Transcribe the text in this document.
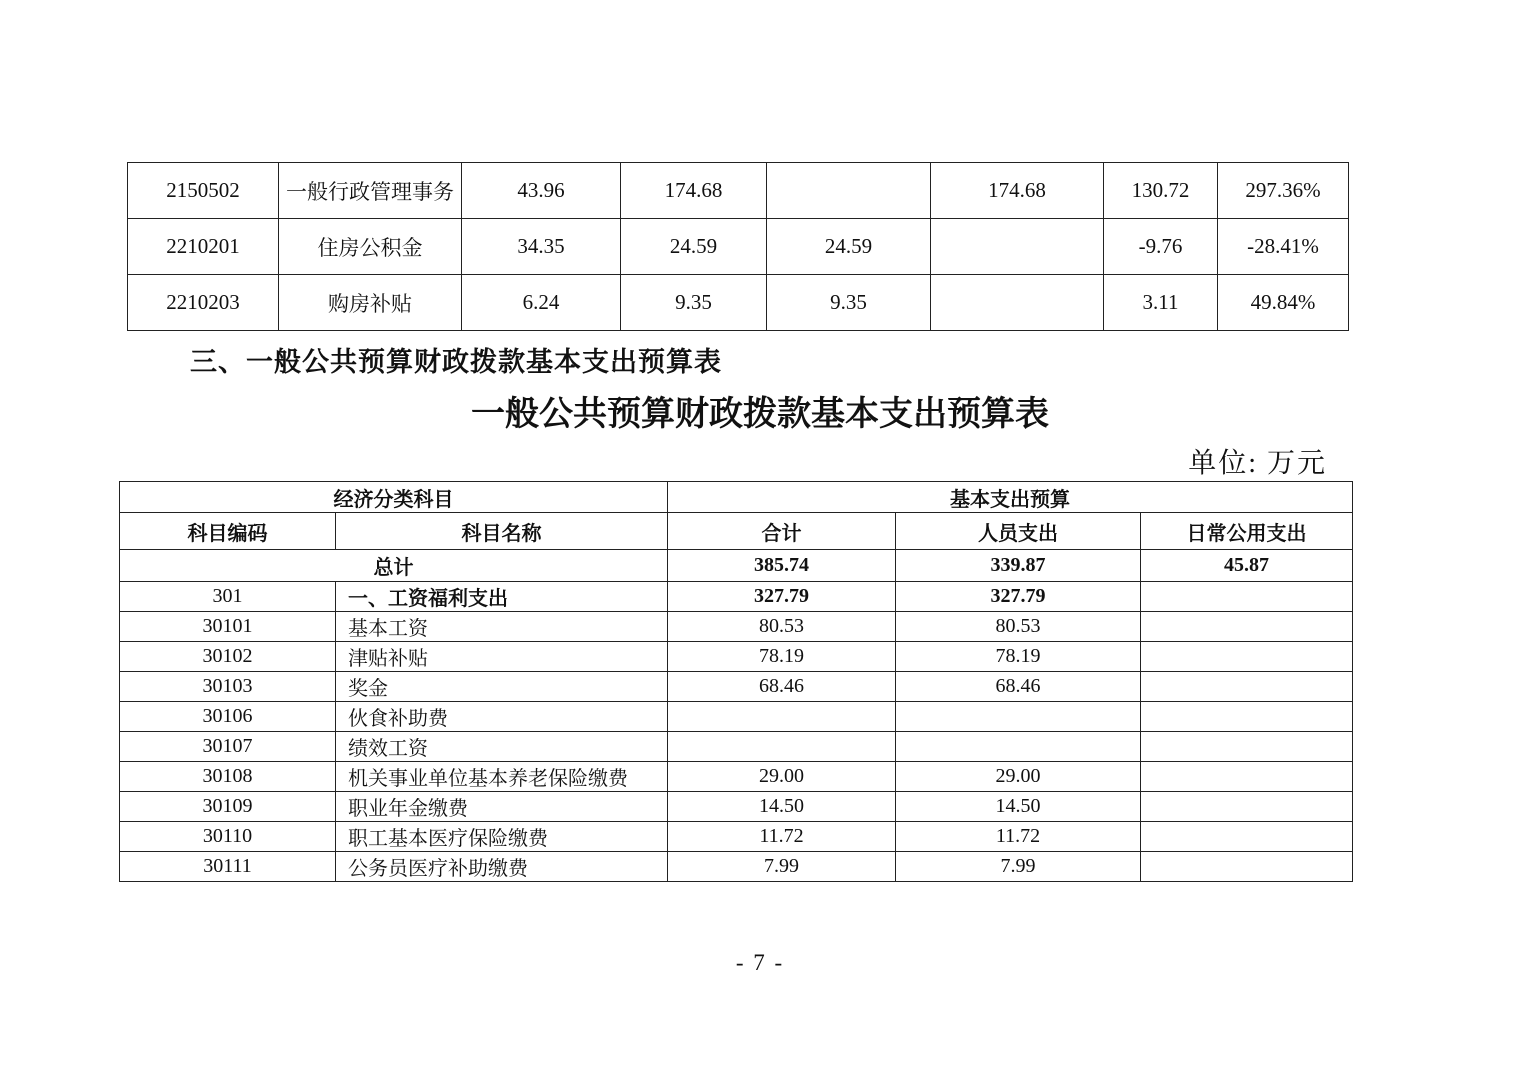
2150502	一般行政管理事务	43.96	174.68		174.68	130.72	297.36%
2210201	住房公积金	34.35	24.59	24.59		-9.76	-28.41%
2210203	购房补贴	6.24	9.35	9.35		3.11	49.84%
三、一般公共预算财政拨款基本支出预算表
一般公共预算财政拨款基本支出预算表
单位: 万元
经济分类科目		基本支出预算		
科目编码	科目名称	合计	人员支出	日常公用支出
总计		385.74	339.87	45.87
301	一、工资福利支出	327.79	327.79	
30101	基本工资	80.53	80.53	
30102	津贴补贴	78.19	78.19	
30103	奖金	68.46	68.46	
30106	伙食补助费			
30107	绩效工资			
30108	机关事业单位基本养老保险缴费	29.00	29.00	
30109	职业年金缴费	14.50	14.50	
30110	职工基本医疗保险缴费	11.72	11.72	
30111	公务员医疗补助缴费	7.99	7.99	
- 7 -
